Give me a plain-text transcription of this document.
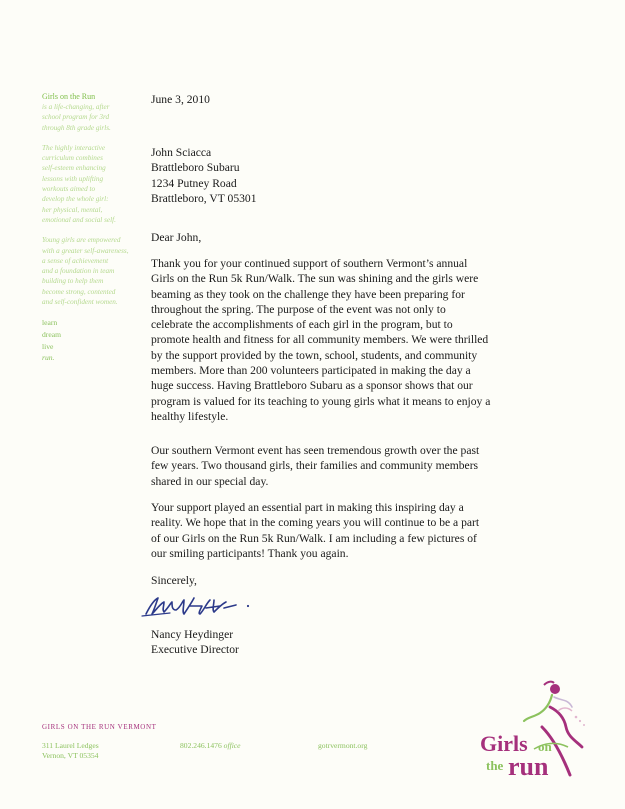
Girls on the Run
is a life-changing, after
school program for 3rd
through 8th grade girls.
The highly interactive
curriculum combines
self-esteem enhancing
lessons with uplifting
workouts aimed to
develop the whole girl:
her physical, mental,
emotional and social self.
Young girls are empowered
with a greater self-awareness,
a sense of achievement
and a foundation in team
building to help them
become strong, contented
and self-confident women.
learn
dream
live
run.
June 3, 2010
John Sciacca
Brattleboro Subaru
1234 Putney Road
Brattleboro, VT 05301
Dear John,
Thank you for your continued support of southern Vermont’s annual
Girls on the Run 5k Run/Walk. The sun was shining and the girls were
beaming as they took on the challenge they have been preparing for
throughout the spring. The purpose of the event was not only to
celebrate the accomplishments of each girl in the program, but to
promote health and fitness for all community members. We were thrilled
by the support provided by the town, school, students, and community
members. More than 200 volunteers participated in making the day a
huge success. Having Brattleboro Subaru as a sponsor shows that our
program is valued for its teaching to young girls what it means to enjoy a
healthy lifestyle.
Our southern Vermont event has seen tremendous growth over the past
few years. Two thousand girls, their families and community members
shared in our special day.
Your support played an essential part in making this inspiring day a
reality. We hope that in the coming years you will continue to be a part
of our Girls on the Run 5k Run/Walk. I am including a few pictures of
our smiling participants! Thank you again.
Sincerely,
Nancy Heydinger
Executive Director
GIRLS ON THE RUN VERMONT
311 Laurel Ledges
Vernon, VT 05354
802.246.1476 office	gotrvermont.org	Girls on
the run
